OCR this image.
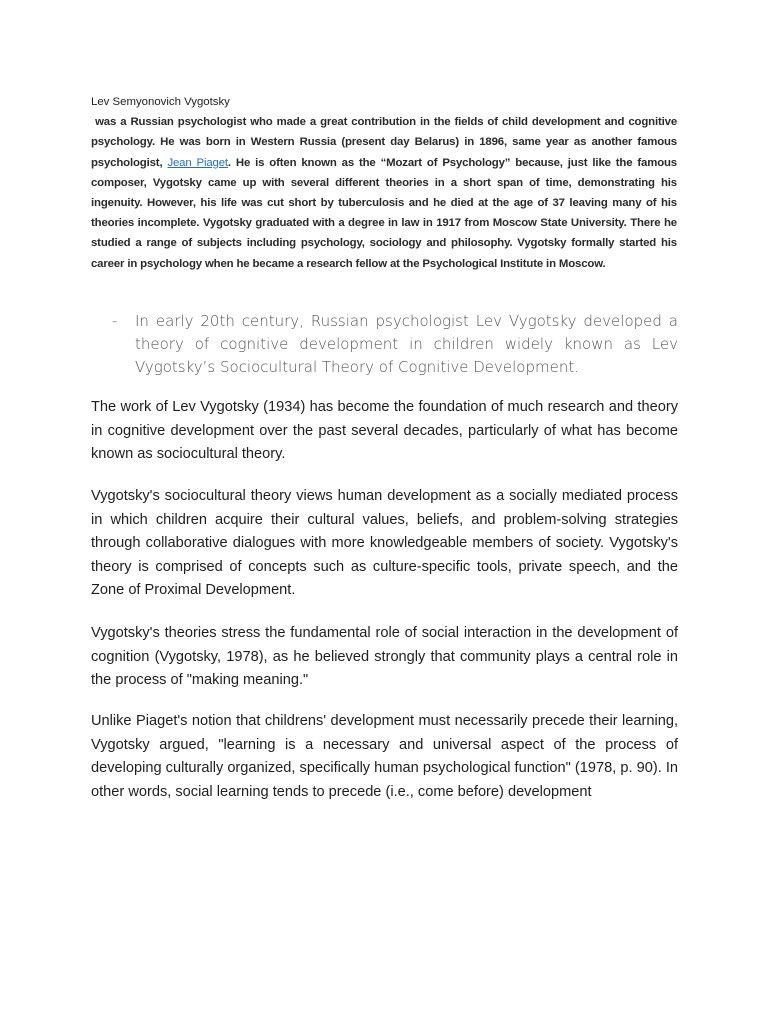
Lev Semyonovich Vygotsky

was a Russian psychologist who made a great contribution in the fields of child development and cognitive psychology. He was born in Western Russia (present day Belarus) in 1896, same year as another famous psychologist, Jean Piaget. He is often known as the “Mozart of Psychology” because, just like the famous composer, Vygotsky came up with several different theories in a short span of time, demonstrating his ingenuity. However, his life was cut short by tuberculosis and he died at the age of 37 leaving many of his theories incomplete. Vygotsky graduated with a degree in law in 1917 from Moscow State University. There he studied a range of subjects including psychology, sociology and philosophy. Vygotsky formally started his career in psychology when he became a research fellow at the Psychological Institute in Moscow.

-	In early 20th century, Russian psychologist Lev Vygotsky developed a theory of cognitive development in children widely known as Lev Vygotsky’s Sociocultural Theory of Cognitive Development.

The work of Lev Vygotsky (1934) has become the foundation of much research and theory in cognitive development over the past several decades, particularly of what has become known as sociocultural theory.

Vygotsky's sociocultural theory views human development as a socially mediated process in which children acquire their cultural values, beliefs, and problem-solving strategies through collaborative dialogues with more knowledgeable members of society. Vygotsky's theory is comprised of concepts such as culture-specific tools, private speech, and the Zone of Proximal Development.

Vygotsky's theories stress the fundamental role of social interaction in the development of cognition (Vygotsky, 1978), as he believed strongly that community plays a central role in the process of "making meaning."

Unlike Piaget's notion that childrens' development must necessarily precede their learning, Vygotsky argued, "learning is a necessary and universal aspect of the process of developing culturally organized, specifically human psychological function" (1978, p. 90). In other words, social learning tends to precede (i.e., come before) development
